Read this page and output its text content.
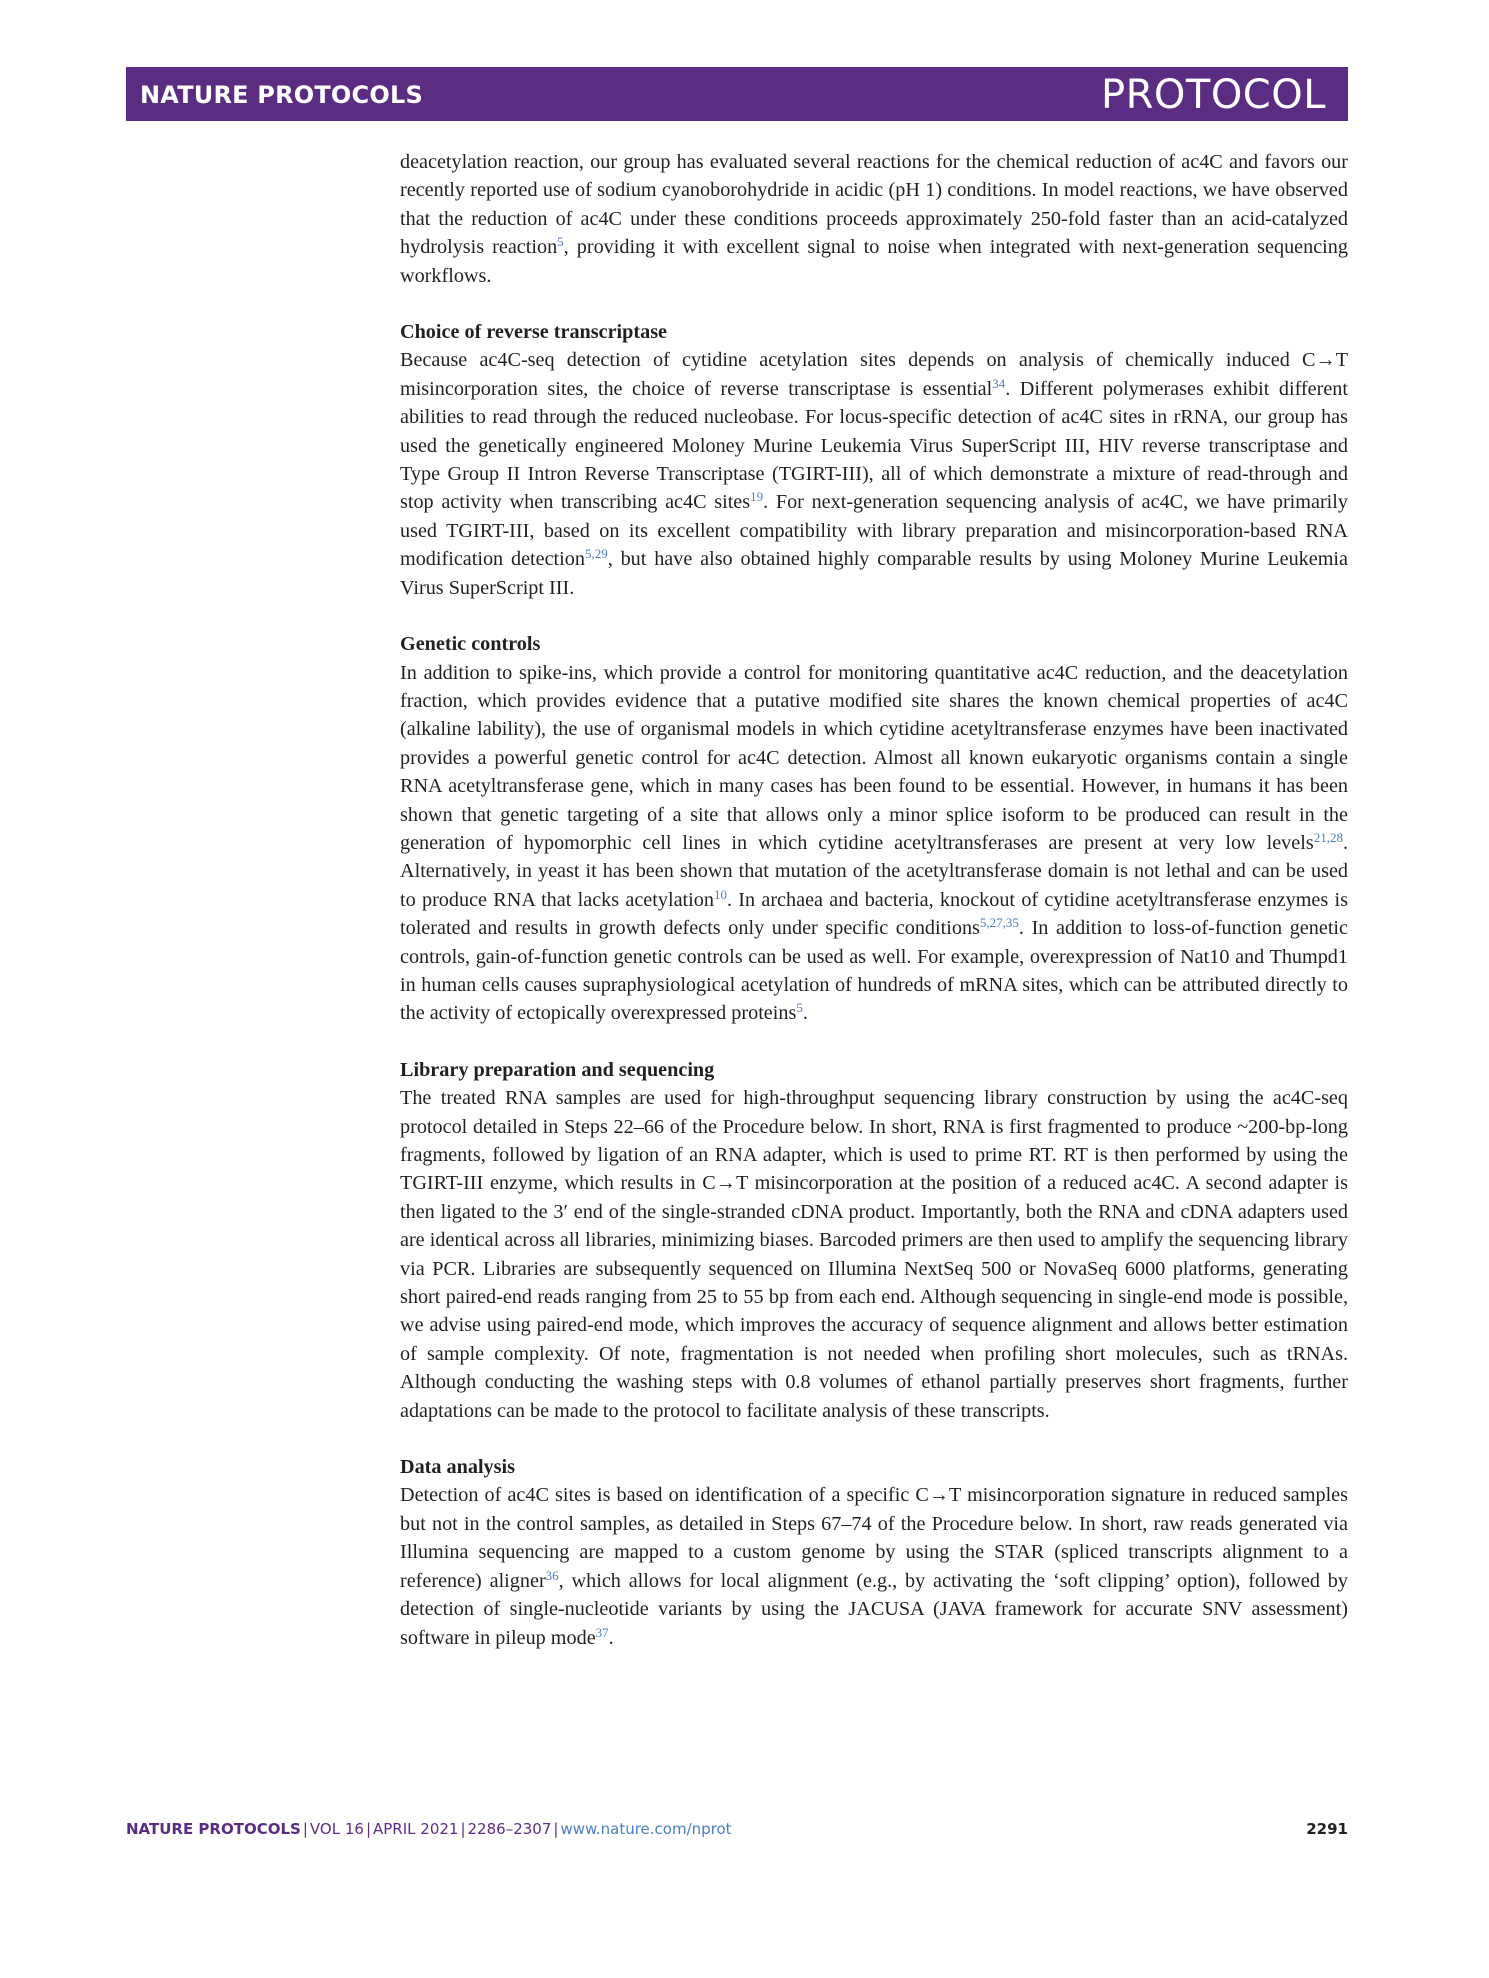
NATURE PROTOCOLS	PROTOCOL

deacetylation reaction, our group has evaluated several reactions for the chemical reduction of ac4C and favors our recently reported use of sodium cyanoborohydride in acidic (pH 1) conditions. In model reactions, we have observed that the reduction of ac4C under these conditions proceeds approximately 250-fold faster than an acid-catalyzed hydrolysis reaction$^5$, providing it with excellent signal to noise when integrated with next-generation sequencing workflows.

Choice of reverse transcriptase

Because ac4C-seq detection of cytidine acetylation sites depends on analysis of chemically induced C→T misincorporation sites, the choice of reverse transcriptase is essential$^{34}$. Different polymerases exhibit different abilities to read through the reduced nucleobase. For locus-specific detection of ac4C sites in rRNA, our group has used the genetically engineered Moloney Murine Leukemia Virus SuperScript III, HIV reverse transcriptase and Type Group II Intron Reverse Transcriptase (TGIRT-III), all of which demonstrate a mixture of read-through and stop activity when transcribing ac4C sites$^{19}$. For next-generation sequencing analysis of ac4C, we have primarily used TGIRT-III, based on its excellent compatibility with library preparation and misincorporation-based RNA modification detection$^{5,29}$, but have also obtained highly comparable results by using Moloney Murine Leukemia Virus SuperScript III.

Genetic controls

In addition to spike-ins, which provide a control for monitoring quantitative ac4C reduction, and the deacetylation fraction, which provides evidence that a putative modified site shares the known chemical properties of ac4C (alkaline lability), the use of organismal models in which cytidine acetyltransferase enzymes have been inactivated provides a powerful genetic control for ac4C detection. Almost all known eukaryotic organisms contain a single RNA acetyltransferase gene, which in many cases has been found to be essential. However, in humans it has been shown that genetic targeting of a site that allows only a minor splice isoform to be produced can result in the generation of hypomorphic cell lines in which cytidine acetyltransferases are present at very low levels$^{21,28}$. Alternatively, in yeast it has been shown that mutation of the acetyltransferase domain is not lethal and can be used to produce RNA that lacks acetylation$^{10}$. In archaea and bacteria, knockout of cytidine acetyltransferase enzymes is tolerated and results in growth defects only under specific conditions$^{5,27,35}$. In addition to loss-of-function genetic controls, gain-of-function genetic controls can be used as well. For example, overexpression of Nat10 and Thumpd1 in human cells causes supraphysiological acetylation of hundreds of mRNA sites, which can be attributed directly to the activity of ectopically overexpressed proteins$^5$.

Library preparation and sequencing

The treated RNA samples are used for high-throughput sequencing library construction by using the ac4C-seq protocol detailed in Steps 22–66 of the Procedure below. In short, RNA is first fragmented to produce ~200-bp-long fragments, followed by ligation of an RNA adapter, which is used to prime RT. RT is then performed by using the TGIRT-III enzyme, which results in C→T misincorporation at the position of a reduced ac4C. A second adapter is then ligated to the 3′ end of the single-stranded cDNA product. Importantly, both the RNA and cDNA adapters used are identical across all libraries, minimizing biases. Barcoded primers are then used to amplify the sequencing library via PCR. Libraries are subsequently sequenced on Illumina NextSeq 500 or NovaSeq 6000 platforms, generating short paired-end reads ranging from 25 to 55 bp from each end. Although sequencing in single-end mode is possible, we advise using paired-end mode, which improves the accuracy of sequence alignment and allows better estimation of sample complexity. Of note, fragmentation is not needed when profiling short molecules, such as tRNAs. Although conducting the washing steps with 0.8 volumes of ethanol partially preserves short fragments, further adaptations can be made to the protocol to facilitate analysis of these transcripts.

Data analysis

Detection of ac4C sites is based on identification of a specific C→T misincorporation signature in reduced samples but not in the control samples, as detailed in Steps 67–74 of the Procedure below. In short, raw reads generated via Illumina sequencing are mapped to a custom genome by using the STAR (spliced transcripts alignment to a reference) aligner$^{36}$, which allows for local alignment (e.g., by activating the ‘soft clipping’ option), followed by detection of single-nucleotide variants by using the JACUSA (JAVA framework for accurate SNV assessment) software in pileup mode$^{37}$.

NATURE PROTOCOLS | VOL 16 | APRIL 2021 | 2286–2307 | www.nature.com/nprot	2291
